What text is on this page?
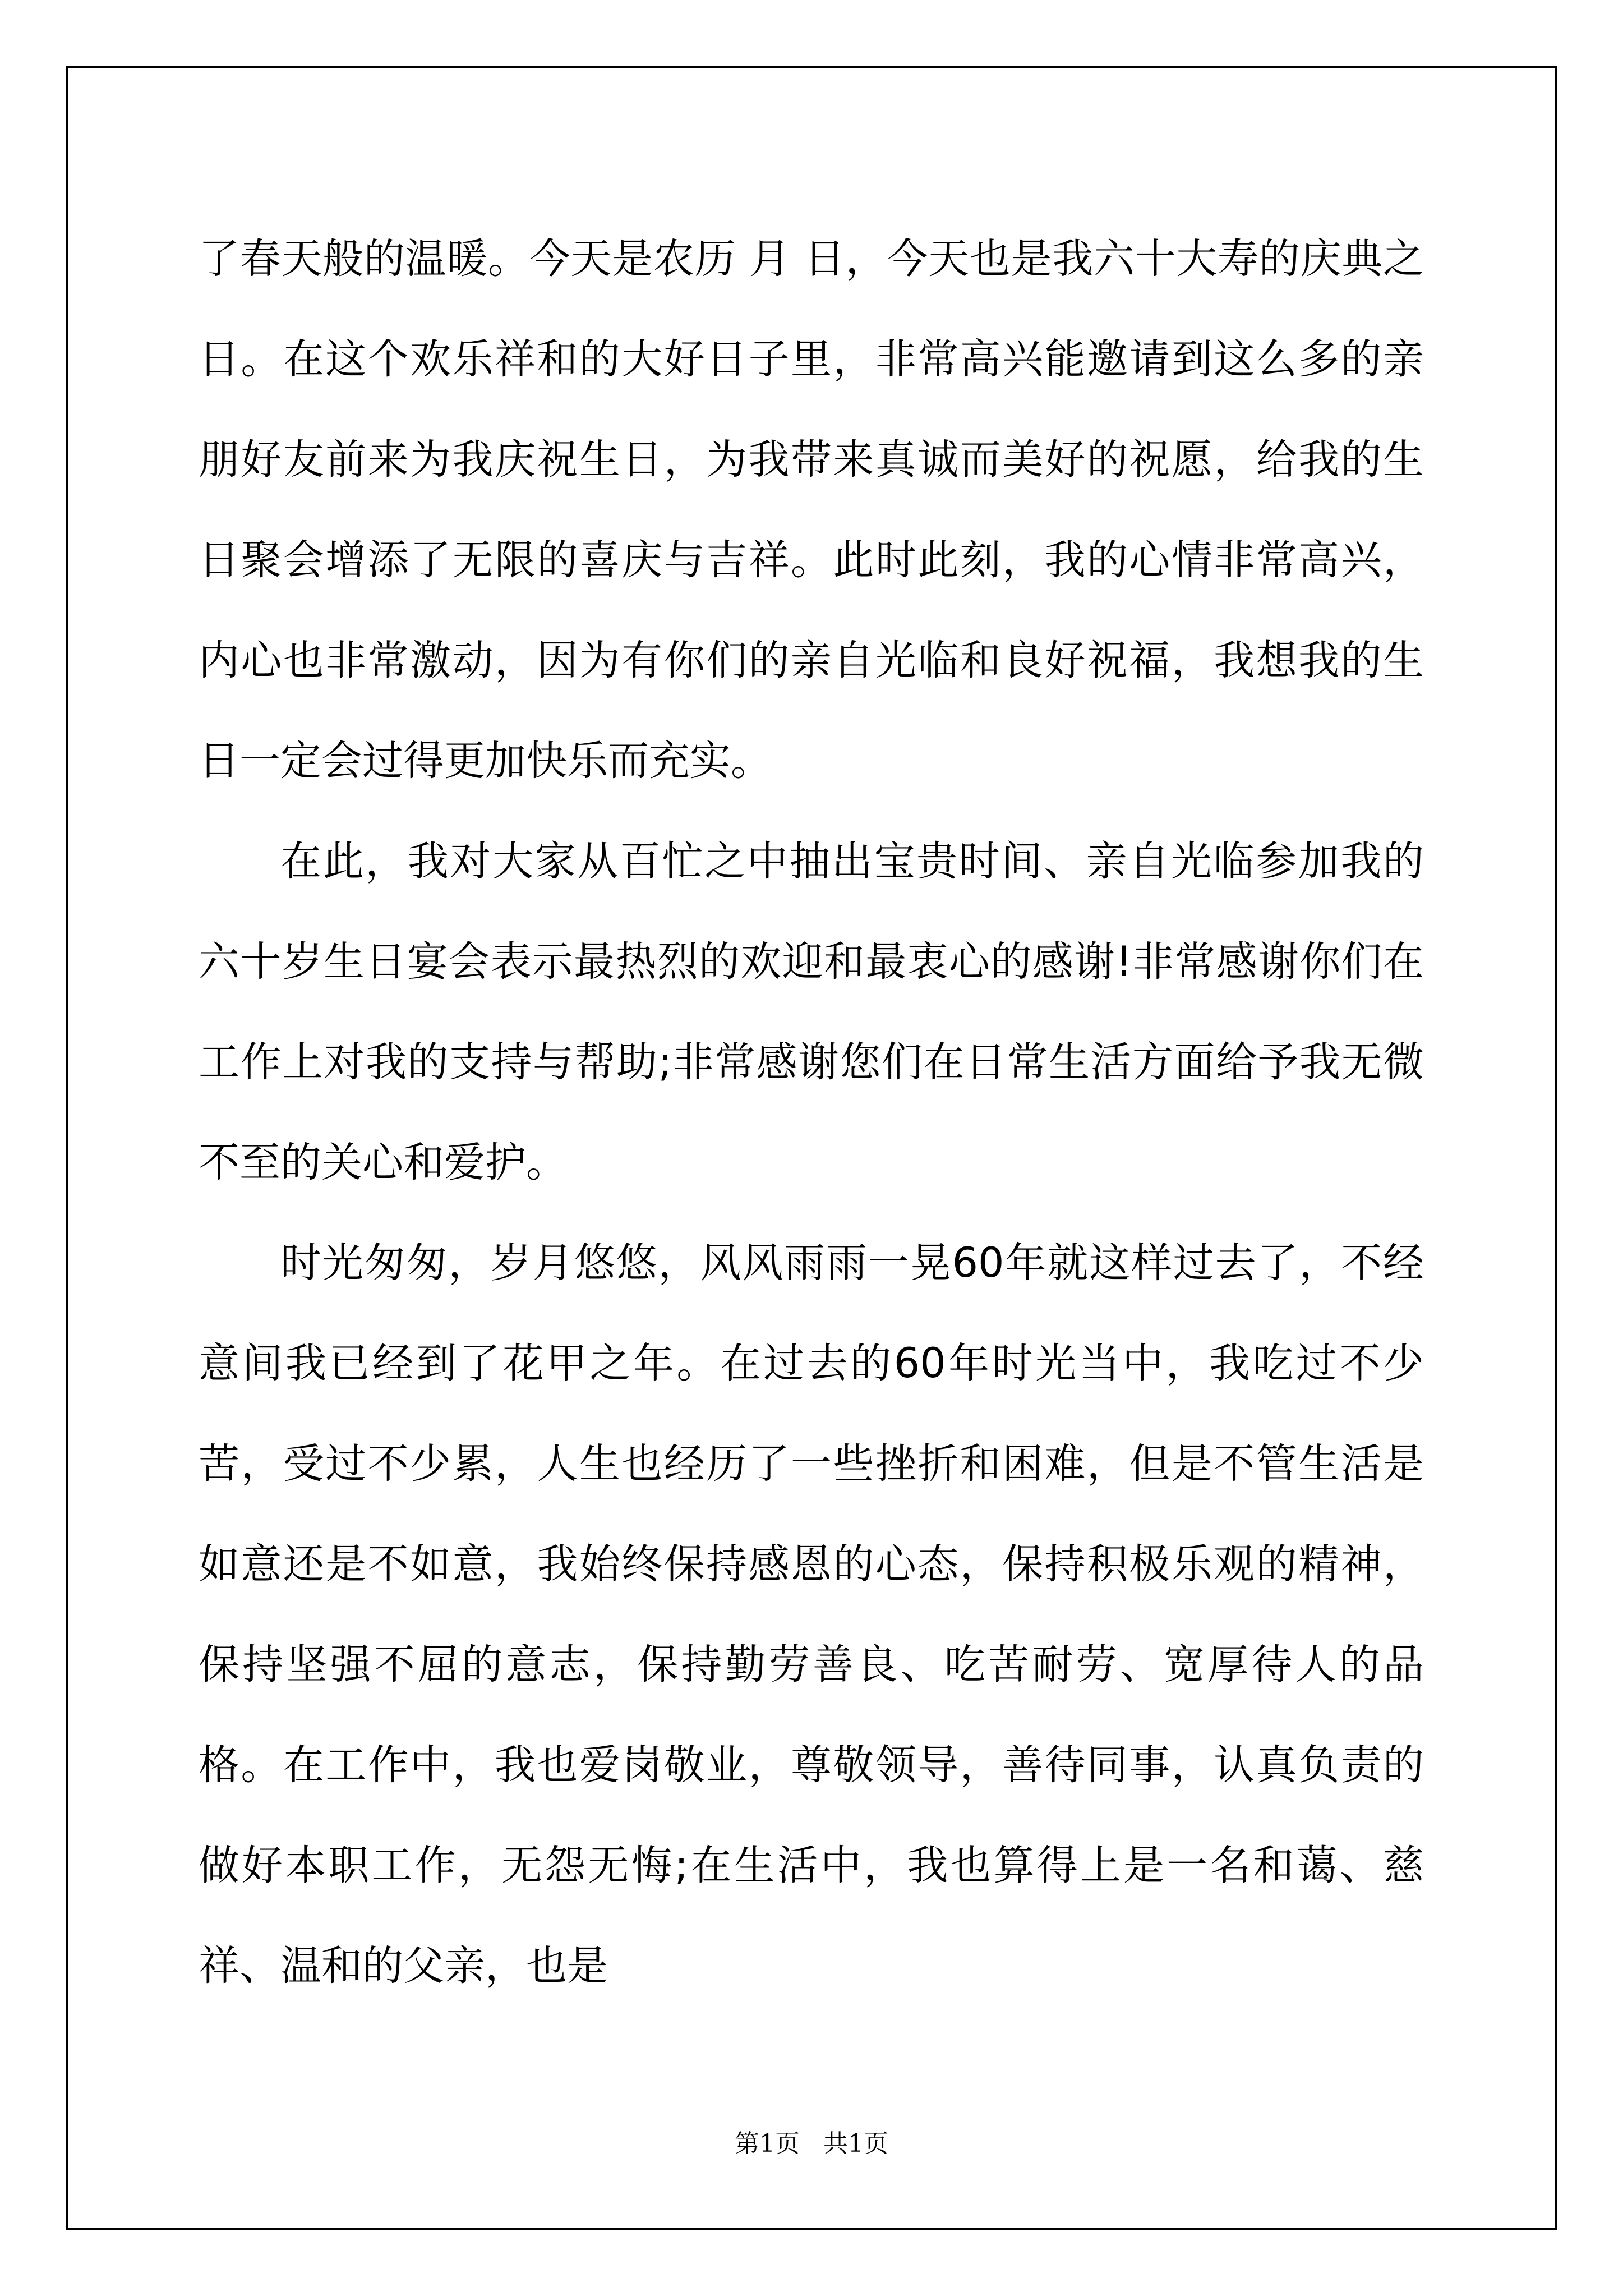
了春天般的温暖。今天是农历 月 日，今天也是我六十大寿的庆典之日。在这个欢乐祥和的大好日子里，非常高兴能邀请到这么多的亲朋好友前来为我庆祝生日，为我带来真诚而美好的祝愿，给我的生日聚会增添了无限的喜庆与吉祥。此时此刻，我的心情非常高兴，内心也非常激动，因为有你们的亲自光临和良好祝福，我想我的生日一定会过得更加快乐而充实。

在此，我对大家从百忙之中抽出宝贵时间、亲自光临参加我的六十岁生日宴会表示最热烈的欢迎和最衷心的感谢!非常感谢你们在工作上对我的支持与帮助;非常感谢您们在日常生活方面给予我无微不至的关心和爱护。

时光匆匆，岁月悠悠，风风雨雨一晃60年就这样过去了，不经意间我已经到了花甲之年。在过去的60年时光当中，我吃过不少苦，受过不少累，人生也经历了一些挫折和困难，但是不管生活是如意还是不如意，我始终保持感恩的心态，保持积极乐观的精神，保持坚强不屈的意志，保持勤劳善良、吃苦耐劳、宽厚待人的品格。在工作中，我也爱岗敬业，尊敬领导，善待同事，认真负责的做好本职工作，无怨无悔;在生活中，我也算得上是一名和蔼、慈祥、温和的父亲，也是

第1页   共1页
